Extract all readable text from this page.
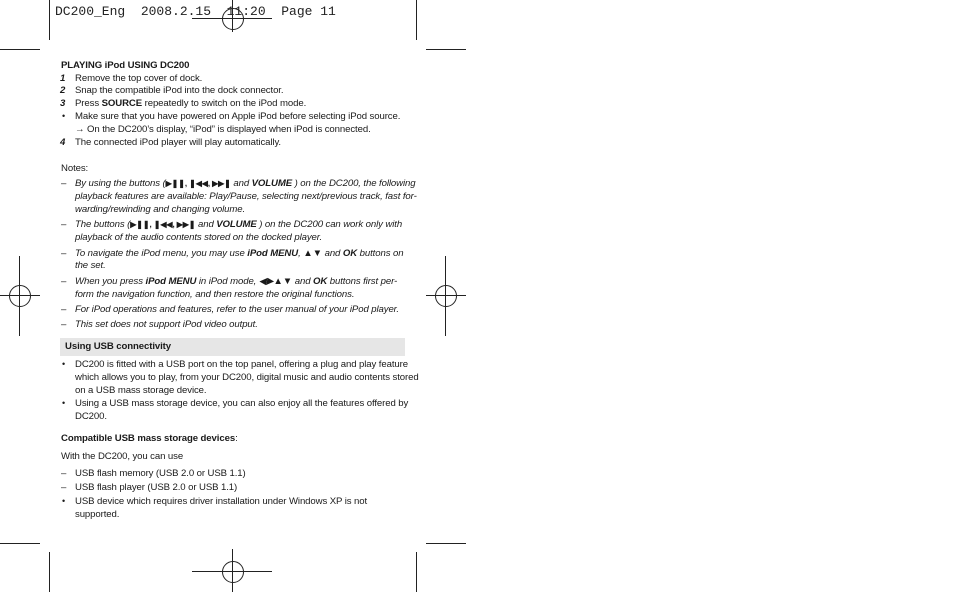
DC200_Eng  2008.2.15  11:20  Page 11
PLAYING iPod USING DC200
1 Remove the top cover of dock.
2 Snap the compatible iPod into the dock connector.
3 Press SOURCE repeatedly to switch on the iPod mode.
• Make sure that you have powered on Apple iPod before selecting iPod source.
→ On the DC200’s display, “iPod” is displayed when iPod is connected.
4 The connected iPod player will play automatically.
Notes:
– By using the buttons (▶❚❚, ❚◀◀, ▶▶❚ and VOLUME ) on the DC200, the following
playback features are available: Play/Pause, selecting next/previous track, fast for-
warding/rewinding and changing volume.
– The buttons (▶❚❚, ❚◀◀, ▶▶❚ and VOLUME ) on the DC200 can work only with
playback of the audio contents stored on the docked player.
– To navigate the iPod menu, you may use iPod MENU, ▲▼ and OK buttons on
the set.
– When you press iPod MENU in iPod mode, ◀▶▲▼ and OK buttons first per-
form the navigation function, and then restore the original functions.
– For iPod operations and features, refer to the user manual of your iPod player.
– This set does not support iPod video output.
Using USB connectivity
• DC200 is fitted with a USB port on the top panel, offering a plug and play feature
which allows you to play, from your DC200, digital music and audio contents stored
on a USB mass storage device.
• Using a USB mass storage device, you can also enjoy all the features offered by
DC200.
Compatible USB mass storage devices:
With the DC200, you can use
– USB flash memory (USB 2.0 or USB 1.1)
– USB flash player (USB 2.0 or USB 1.1)
• USB device which requires driver installation under Windows XP is not
supported.
